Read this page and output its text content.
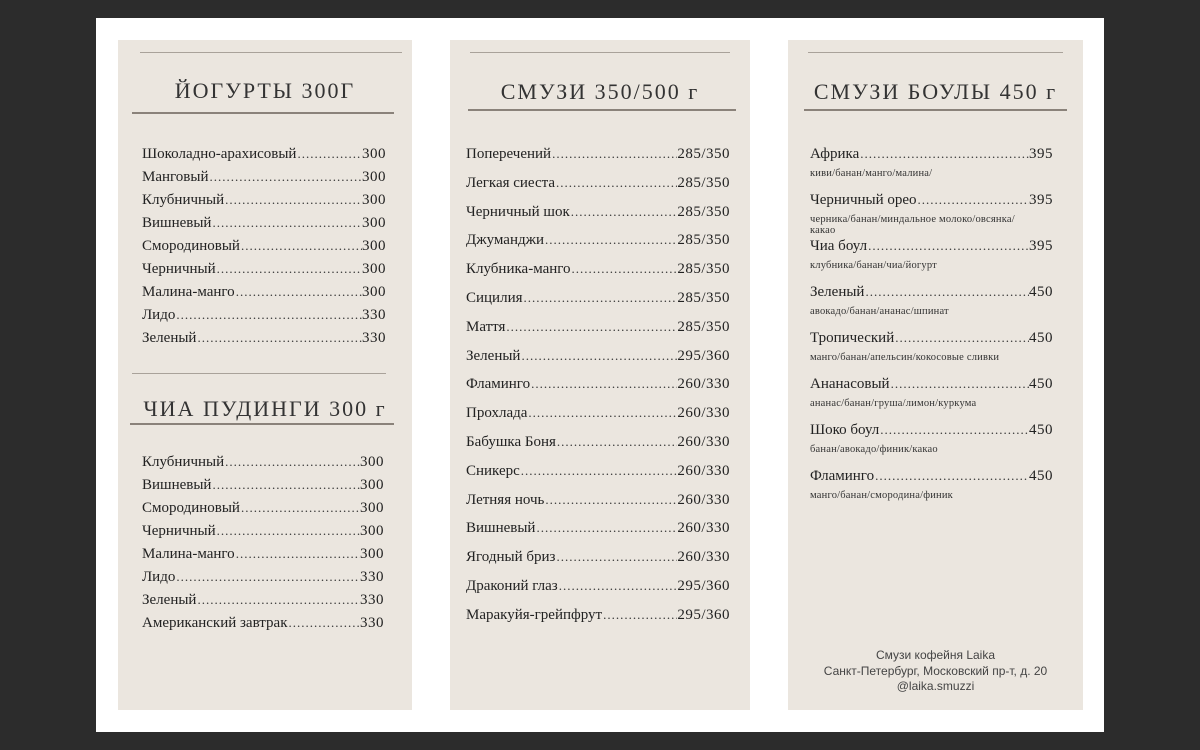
ЙОГУРТЫ 300Г
Шоколадно-арахисовый .....	300
Манговый .....	300
Клубничный .....	300
Вишневый .....	300
Смородиновый .....	300
Черничный .....	300
Малина-манго .....	300
Лидо .....	330
Зеленый .....	330
ЧИА ПУДИНГИ 300 г
Клубничный .....	300
Вишневый .....	300
Смородиновый .....	300
Черничный .....	300
Малина-манго .....	300
Лидо .....	330
Зеленый .....	330
Американский завтрак .....	330
СМУЗИ 350/500 г
Поперечений .....	285/350
Легкая сиеста .....	285/350
Черничный шок .....	285/350
Джуманджи .....	285/350
Клубника-манго .....	285/350
Сицилия .....	285/350
Маття .....	285/350
Зеленый .....	295/360
Фламинго .....	260/330
Прохлада .....	260/330
Бабушка Боня .....	260/330
Сникерс .....	260/330
Летняя ночь .....	260/330
Вишневый .....	260/330
Ягодный бриз .....	260/330
Драконий глаз .....	295/360
Маракуйя-грейпфрут .....	295/360
СМУЗИ БОУЛЫ 450 г
Африка .....	395
киви/банан/манго/малина/
Черничный орео .....	395
черника/банан/миндальное молоко/овсянка/
какао
Чиа боул .....	395
клубника/банан/чиа/йогурт
Зеленый .....	450
авокадо/банан/ананас/шпинат
Тропический .....	450
манго/банан/апельсин/кокосовые сливки
Ананасовый .....	450
ананас/банан/груша/лимон/куркума
Шоко боул .....	450
банан/авокадо/финик/какао
Фламинго .....	450
манго/банан/смородина/финик
Смузи кофейня Laika
Санкт-Петербург, Московский пр-т, д. 20
@laika.smuzzi
